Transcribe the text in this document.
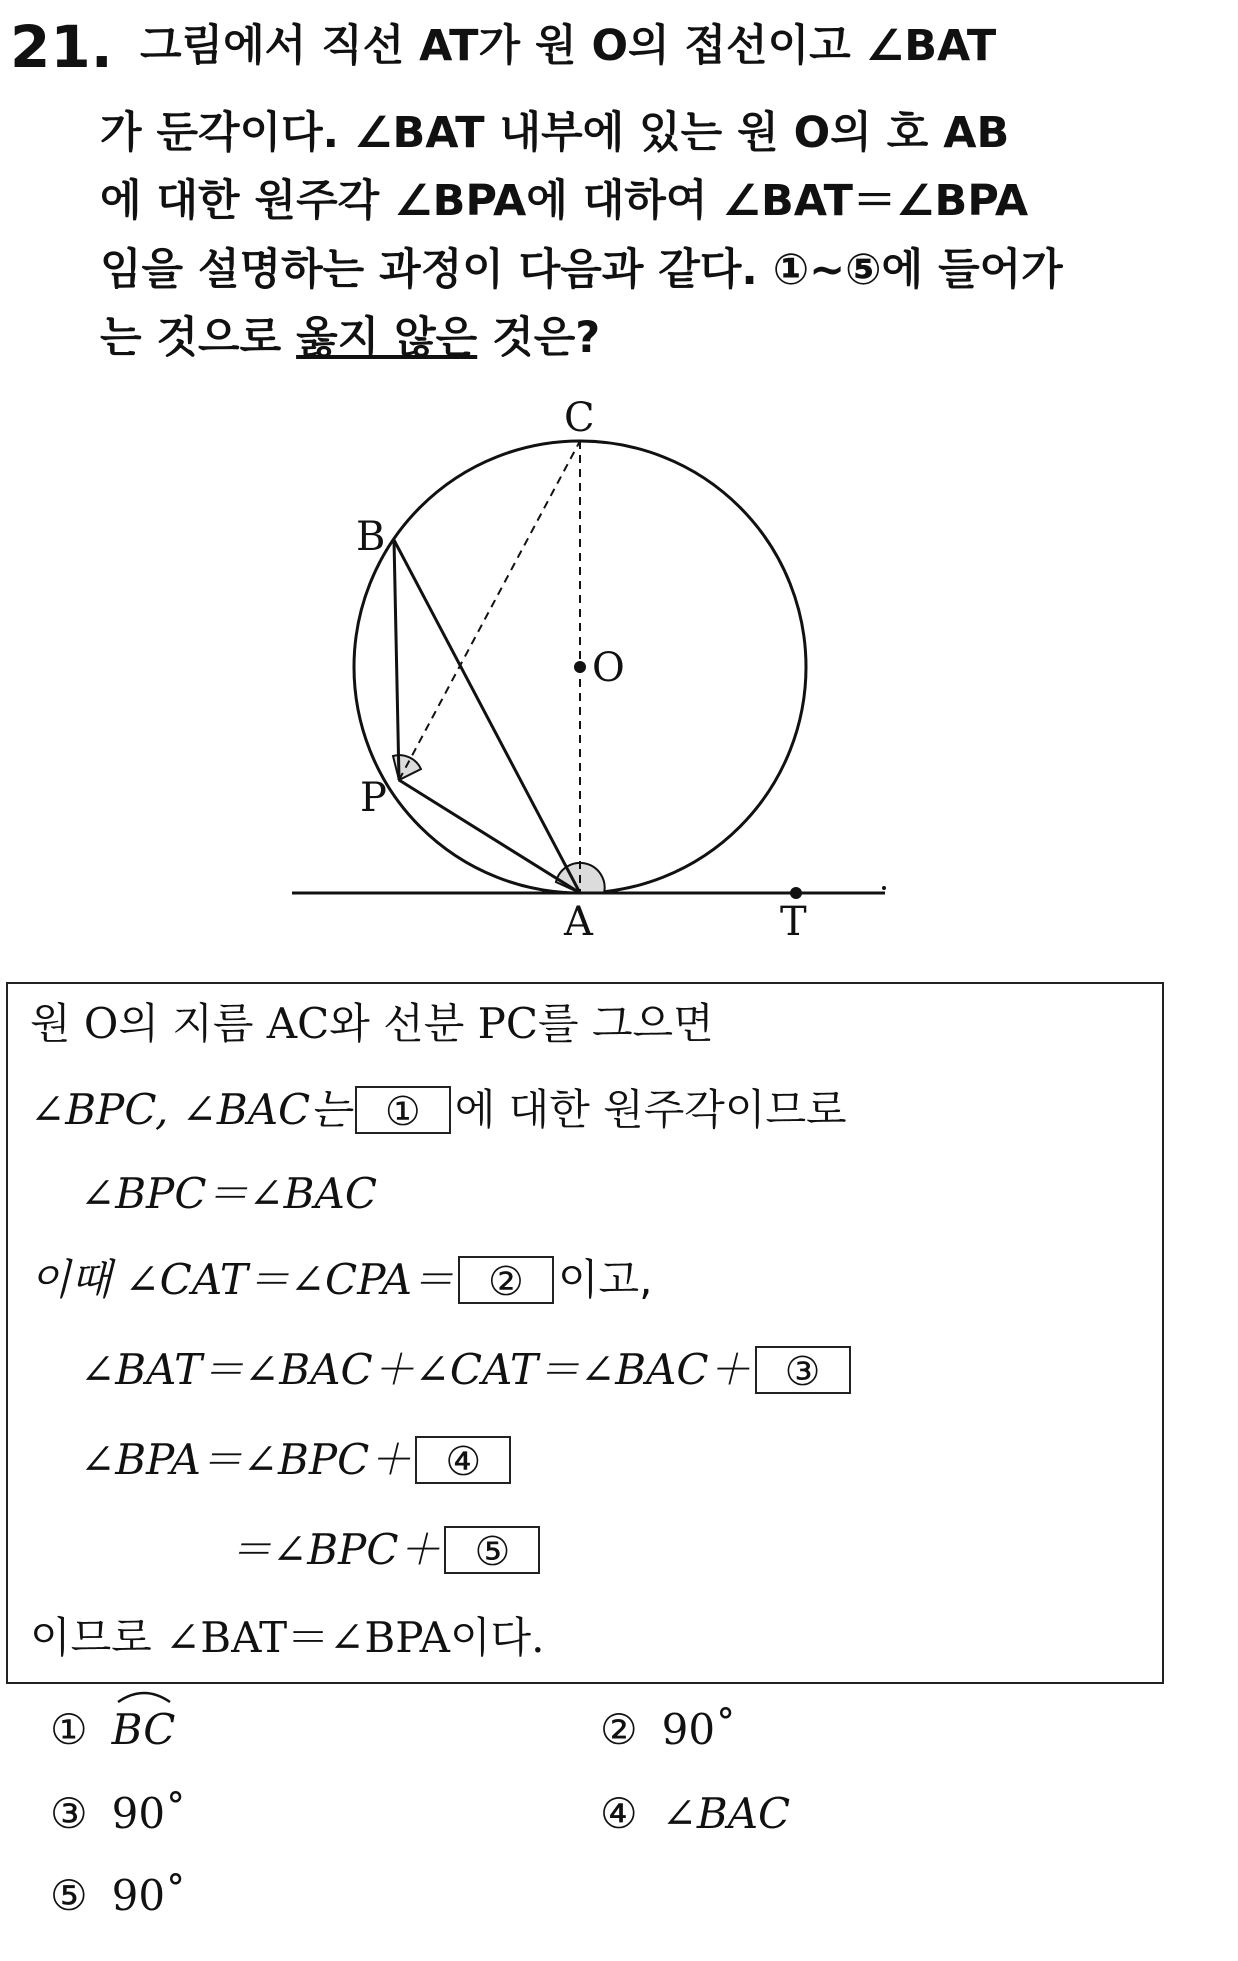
21. 그림에서 직선 AT가 원 O의 접선이고 ∠BAT
가 둔각이다. ∠BAT 내부에 있는 원 O의 호 AB
에 대한 원주각 ∠BPA에 대하여 ∠BAT＝∠BPA
임을 설명하는 과정이 다음과 같다. ①~⑤에 들어가
는 것으로 옳지 않은 것은?
C
B
O
P
A	T
원 O의 지름 AC와 선분 PC를 그으면
∠BPC, ∠BAC는 ① 에 대한 원주각이므로
∠BPC＝∠BAC
이때 ∠CAT＝∠CPA＝ ② 이고,
∠BAT＝∠BAC＋∠CAT＝∠BAC＋ ③
∠BPA＝∠BPC＋ ④
＝∠BPC＋ ⑤
이므로 ∠BAT＝∠BPA이다.
① BC	② 90˚
③ 90˚	④ ∠BAC
⑤ 90˚
